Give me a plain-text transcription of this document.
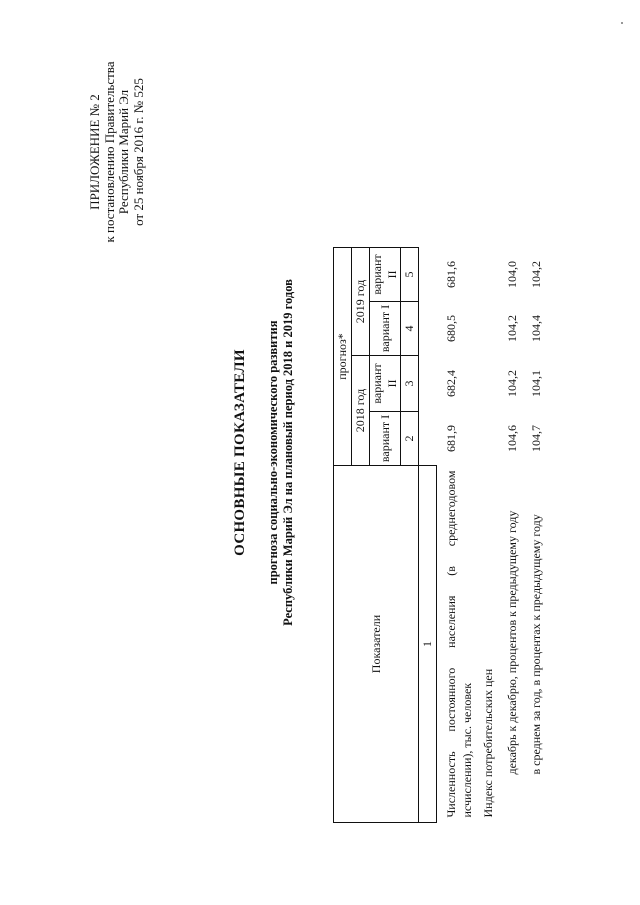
ПРИЛОЖЕНИЕ № 2 к постановлению Правительства Республики Марий Эл от 25 ноября 2016 г. № 525
ОСНОВНЫЕ ПОКАЗАТЕЛИ прогноза социально-экономического развития Республики Марий Эл на плановый период 2018 и 2019 годов
Показатели	прогноз*				
	2018 год		2019 год		
	вариант I	вариант II	вариант I	вариант II	
	2	3	4	5	
1					
Численность постоянного населения (в среднегодовом исчислении), тыс. человек	681,9	682,4	680,5	681,6	
Индекс потребительских цен					
декабрь к декабрю, процентов к предыдущему году	104,6	104,2	104,2	104,0	
в среднем за год, в процентах к предыдущему году	104,7	104,1	104,4	104,2	
